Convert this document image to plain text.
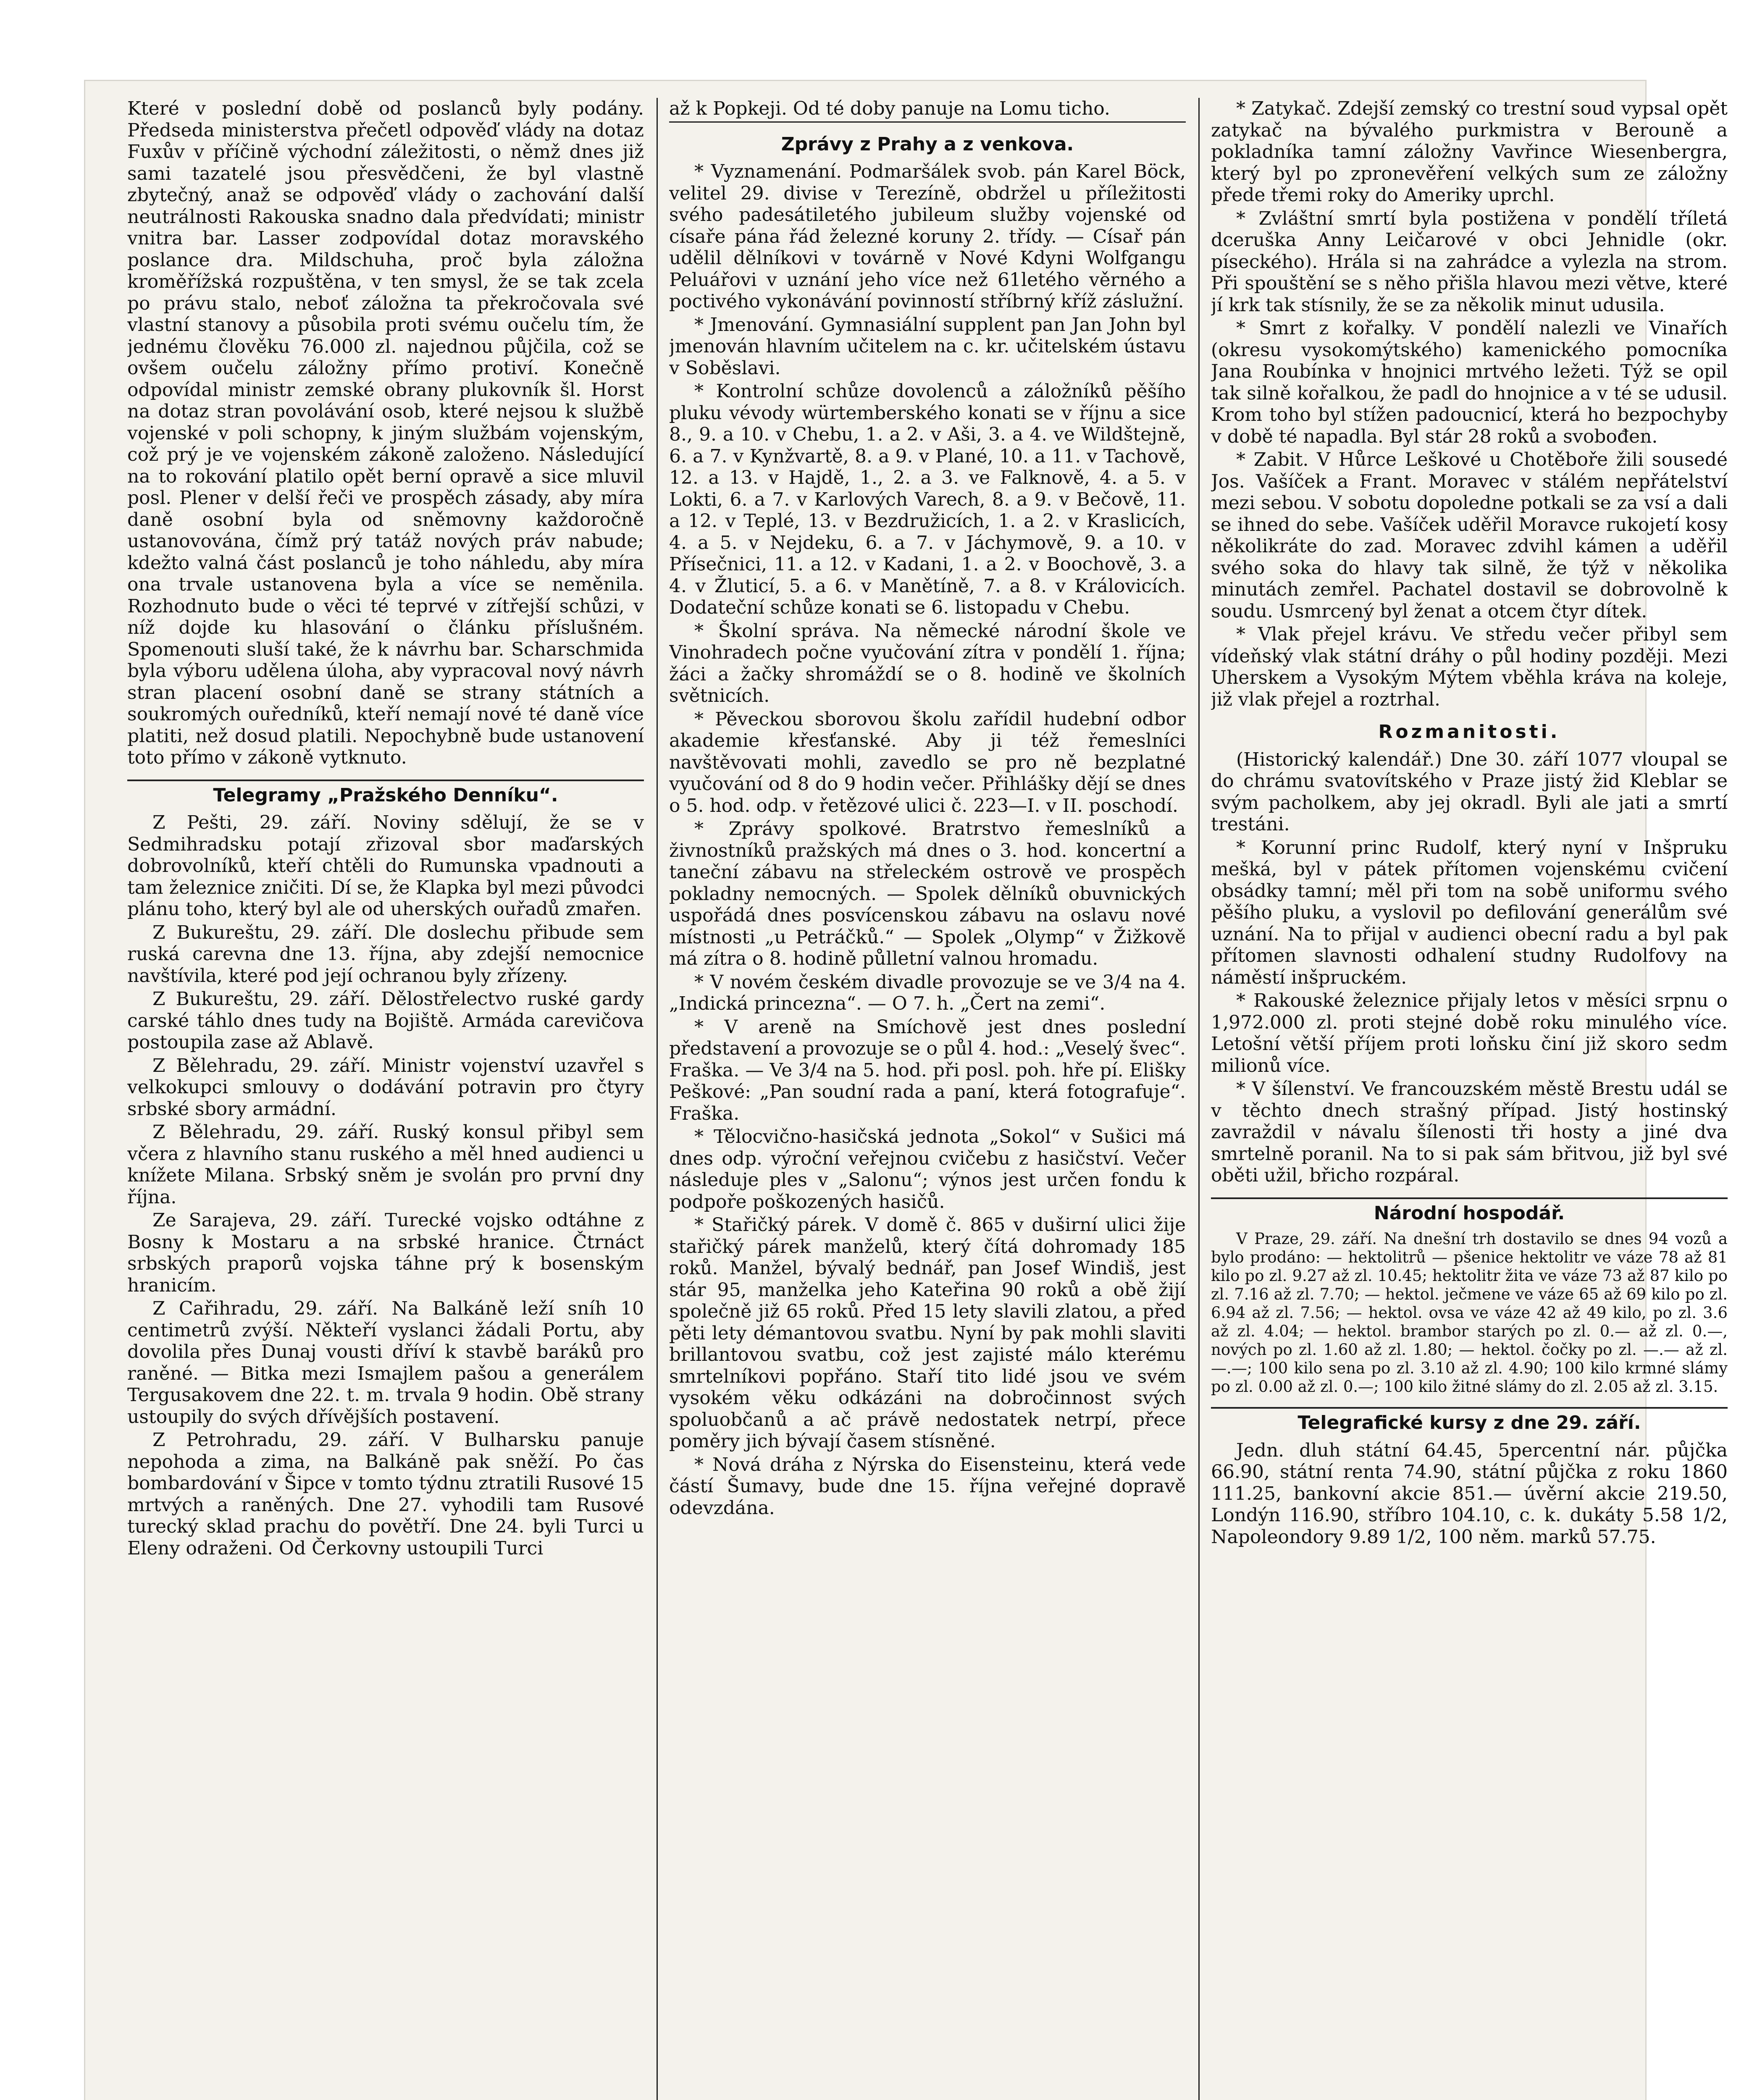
Které v poslední době od poslanců byly podány. Předseda ministerstva přečetl odpověď vlády na dotaz Fuxův v příčině východní záležitosti, o němž dnes již sami tazatelé jsou přesvědčeni, že byl vlastně zbytečný, anaž se odpověď vlády o zachování další neutrálnosti Rakouska snadno dala předvídati; ministr vnitra bar. Lasser zodpovídal dotaz moravského poslance dra. Mildschuha, proč byla záložna kroměřížská rozpuštěna, v ten smysl, že se tak zcela po právu stalo, neboť záložna ta překročovala své vlastní stanovy a působila proti svému oučelu tím, že jednému člověku 76.000 zl. najednou půjčila, což se ovšem oučelu záložny přímo protiví. Konečně odpovídal ministr zemské obrany plukovník šl. Horst na dotaz stran povolávání osob, které nejsou k službě vojenské v poli schopny, k jiným službám vojenským, což prý je ve vojenském zákoně založeno. Následující na to rokování platilo opět berní opravě a sice mluvil posl. Plener v delší řeči ve prospěch zásady, aby míra daně osobní byla od sněmovny každoročně ustanovována, čímž prý tatáž nových práv nabude; kdežto valná část poslanců je toho náhledu, aby míra ona trvale ustanovena byla a více se neměnila. Rozhodnuto bude o věci té teprvé v zítřejší schůzi, v níž dojde ku hlasování o článku příslušném. Spomenouti sluší také, že k návrhu bar. Scharschmida byla výboru udělena úloha, aby vypracoval nový návrh stran placení osobní daně se strany státních a soukromých ouředníků, kteří nemají nové té daně více platiti, než dosud platili. Nepochybně bude ustanovení toto přímo v zákoně vytknuto.

Telegramy „Pražského Denníku“.

Z Pešti, 29. září. Noviny sdělují, že se v Sedmihradsku potají zřizoval sbor maďarských dobrovolníků, kteří chtěli do Rumunska vpadnouti a tam železnice zničiti. Dí se, že Klapka byl mezi původci plánu toho, který byl ale od uherských ouřadů zmařen.

Z Bukureštu, 29. září. Dle doslechu přibude sem ruská carevna dne 13. října, aby zdejší nemocnice navštívila, které pod její ochranou byly zřízeny.

Z Bukureštu, 29. září. Dělostřelectvo ruské gardy carské táhlo dnes tudy na Bojiště. Armáda carevičova postoupila zase až Ablavě.

Z Bělehradu, 29. září. Ministr vojenství uzavřel s velkokupci smlouvy o dodávání potravin pro čtyry srbské sbory armádní.

Z Bělehradu, 29. září. Ruský konsul přibyl sem včera z hlavního stanu ruského a měl hned audienci u knížete Milana. Srbský sněm je svolán pro první dny října.

Ze Sarajeva, 29. září. Turecké vojsko odtáhne z Bosny k Mostaru a na srbské hranice. Čtrnáct srbských praporů vojska táhne prý k bosenským hranicím.

Z Cařihradu, 29. září. Na Balkáně leží sníh 10 centimetrů zvýší. Někteří vyslanci žádali Portu, aby dovolila přes Dunaj vousti dříví k stavbě baráků pro raněné. — Bitka mezi Ismajlem pašou a generálem Tergusakovem dne 22. t. m. trvala 9 hodin. Obě strany ustoupily do svých dřívějších postavení.

Z Petrohradu, 29. září. V Bulharsku panuje nepohoda a zima, na Balkáně pak sněží. Po čas bombardování v Šipce v tomto týdnu ztratili Rusové 15 mrtvých a raněných. Dne 27. vyhodili tam Rusové turecký sklad prachu do povětří. Dne 24. byli Turci u Eleny odraženi. Od Čerkovny ustoupili Turci

až k Popkeji. Od té doby panuje na Lomu ticho.

Zprávy z Prahy a z venkova.

* Vyznamenání. Podmaršálek svob. pán Karel Böck, velitel 29. divise v Terezíně, obdržel u příležitosti svého padesátiletého jubileum služby vojenské od císaře pána řád železné koruny 2. třídy. — Císař pán udělil dělníkovi v továrně v Nové Kdyni Wolfgangu Peluářovi v uznání jeho více než 61letého věrného a poctivého vykonávání povinností stříbrný kříž záslužní.

* Jmenování. Gymnasiální supplent pan Jan John byl jmenován hlavním učitelem na c. kr. učitelském ústavu v Soběslavi.

* Kontrolní schůze dovolenců a záložníků pěšího pluku vévody würtemberského konati se v říjnu a sice 8., 9. a 10. v Chebu, 1. a 2. v Aši, 3. a 4. ve Wildštejně, 6. a 7. v Kynžvartě, 8. a 9. v Plané, 10. a 11. v Tachově, 12. a 13. v Hajdě, 1., 2. a 3. ve Falknově, 4. a 5. v Lokti, 6. a 7. v Karlových Varech, 8. a 9. v Bečově, 11. a 12. v Teplé, 13. v Bezdružicích, 1. a 2. v Kraslicích, 4. a 5. v Nejdeku, 6. a 7. v Jáchymově, 9. a 10. v Přísečnici, 11. a 12. v Kadani, 1. a 2. v Boochově, 3. a 4. v Žluticí, 5. a 6. v Manětíně, 7. a 8. v Královicích. Dodateční schůze konati se 6. listopadu v Chebu.

* Školní správa. Na německé národní škole ve Vinohradech počne vyučování zítra v pondělí 1. října; žáci a žačky shromáždí se o 8. hodině ve školních světnicích.

* Pěveckou sborovou školu zařídil hudební odbor akademie křesťanské. Aby ji též řemeslníci navštěvovati mohli, zavedlo se pro ně bezplatné vyučování od 8 do 9 hodin večer. Přihlášky dějí se dnes o 5. hod. odp. v řetězové ulici č. 223—I. v II. poschodí.

* Zprávy spolkové. Bratrstvo řemeslníků a živnostníků pražských má dnes o 3. hod. koncertní a taneční zábavu na střeleckém ostrově ve prospěch pokladny nemocných. — Spolek dělníků obuvnických uspořádá dnes posvícenskou zábavu na oslavu nové místnosti „u Petráčků.“ — Spolek „Olymp“ v Žižkově má zítra o 8. hodině půlletní valnou hromadu.

* V novém českém divadle provozuje se ve 3/4 na 4. „Indická princezna“. — O 7. h. „Čert na zemi“.

* V areně na Smíchově jest dnes poslední představení a provozuje se o půl 4. hod.: „Veselý švec“. Fraška. — Ve 3/4 na 5. hod. při posl. poh. hře pí. Elišky Peškové: „Pan soudní rada a paní, která fotografuje“. Fraška.

* Tělocvično-hasičská jednota „Sokol“ v Sušici má dnes odp. výroční veřejnou cvičebu z hasičství. Večer následuje ples v „Salonu“; výnos jest určen fondu k podpoře poškozených hasičů.

* Stařičký párek. V domě č. 865 v duširní ulici žije stařičký párek manželů, který čítá dohromady 185 roků. Manžel, bývalý bednář, pan Josef Windiš, jest stár 95, manželka jeho Kateřina 90 roků a obě žijí společně již 65 roků. Před 15 lety slavili zlatou, a před pěti lety démantovou svatbu. Nyní by pak mohli slaviti brillantovou svatbu, což jest zajisté málo kterému smrtelníkovi popřáno. Staří tito lidé jsou ve svém vysokém věku odkázáni na dobročinnost svých spoluobčanů a ač právě nedostatek netrpí, přece poměry jich bývají časem stísněné.

* Nová dráha z Nýrska do Eisensteinu, která vede částí Šumavy, bude dne 15. října veřejné dopravě odevzdána.

* Zatykač. Zdejší zemský co trestní soud vypsal opět zatykač na bývalého purkmistra v Berouně a pokladníka tamní záložny Vavřince Wiesenbergra, který byl po zpronevěření velkých sum ze záložny přede třemi roky do Ameriky uprchl.

* Zvláštní smrtí byla postižena v pondělí tříletá dceruška Anny Leičarové v obci Jehnidle (okr. píseckého). Hrála si na zahrádce a vylezla na strom. Při spouštění se s něho přišla hlavou mezi větve, které jí krk tak stísnily, že se za několik minut udusila.

* Smrt z kořalky. V pondělí nalezli ve Vinařích (okresu vysokomýtského) kamenického pomocníka Jana Roubínka v hnojnici mrtvého ležeti. Týž se opil tak silně kořalkou, že padl do hnojnice a v té se udusil. Krom toho byl stížen padoucnicí, která ho bezpochyby v době té napadla. Byl stár 28 roků a svobođen.

* Zabit. V Hůrce Leškové u Chotěboře žili sousedé Jos. Vašíček a Frant. Moravec v stálém nepřátelství mezi sebou. V sobotu dopoledne potkali se za vsí a dali se ihned do sebe. Vašíček uděřil Moravce rukojetí kosy několikráte do zad. Moravec zdvihl kámen a uděřil svého soka do hlavy tak silně, že týž v několika minutách zemřel. Pachatel dostavil se dobrovolně k soudu. Usmrcený byl ženat a otcem čtyr dítek.

* Vlak přejel krávu. Ve středu večer přibyl sem vídeňský vlak státní dráhy o půl hodiny později. Mezi Uherskem a Vysokým Mýtem vběhla kráva na koleje, již vlak přejel a roztrhal.

Rozmanitosti.

(Historický kalendář.) Dne 30. září 1077 vloupal se do chrámu svatovítského v Praze jistý žid Kleblar se svým pacholkem, aby jej okradl. Byli ale jati a smrtí trestáni.

* Korunní princ Rudolf, který nyní v Inšpruku mešká, byl v pátek přítomen vojenskému cvičení obsádky tamní; měl při tom na sobě uniformu svého pěšího pluku, a vyslovil po defilování generálům své uznání. Na to přijal v audienci obecní radu a byl pak přítomen slavnosti odhalení studny Rudolfovy na náměstí inšpruckém.

* Rakouské železnice přijaly letos v měsíci srpnu o 1,972.000 zl. proti stejné době roku minulého více. Letošní větší příjem proti loňsku činí již skoro sedm milionů více.

* V šílenství. Ve francouzském městě Brestu udál se v těchto dnech strašný případ. Jistý hostinský zavraždil v návalu šílenosti tři hosty a jiné dva smrtelně poranil. Na to si pak sám břitvou, již byl své oběti užil, břicho rozpáral.

Národní hospodář.

V Praze, 29. září. Na dnešní trh dostavilo se dnes 94 vozů a bylo prodáno: — hektolitrů — pšenice hektolitr ve váze 78 až 81 kilo po zl. 9.27 až zl. 10.45; hektolitr žita ve váze 73 až 87 kilo po zl. 7.16 až zl. 7.70; — hektol. ječmene ve váze 65 až 69 kilo po zl. 6.94 až zl. 7.56; — hektol. ovsa ve váze 42 až 49 kilo, po zl. 3.6 až zl. 4.04; — hektol. brambor starých po zl. 0.— až zl. 0.—, nových po zl. 1.60 až zl. 1.80; — hektol. čočky po zl. —.— až zl. —.—; 100 kilo sena po zl. 3.10 až zl. 4.90; 100 kilo krmné slámy po zl. 0.00 až zl. 0.—; 100 kilo žitné slámy do zl. 2.05 až zl. 3.15.

Telegrafické kursy z dne 29. září.

Jedn. dluh státní 64.45, 5percentní nár. půjčka 66.90, státní renta 74.90, státní půjčka z roku 1860 111.25, bankovní akcie 851.— úvěrní akcie 219.50, Londýn 116.90, stříbro 104.10, c. k. dukáty 5.58 1/2, Napoleondory 9.89 1/2, 100 něm. marků 57.75.
